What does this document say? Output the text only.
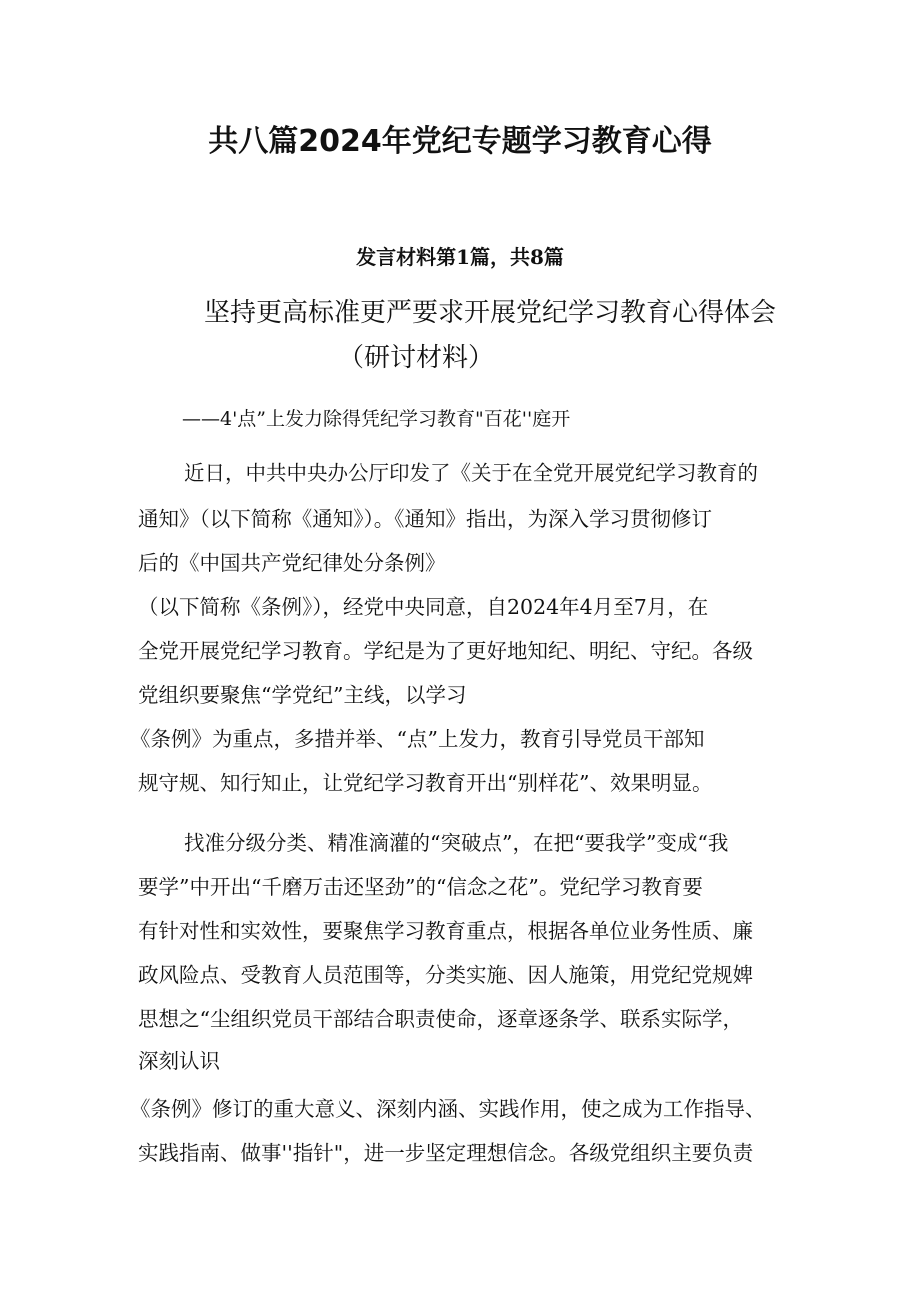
共八篇2024年党纪专题学习教育心得
发言材料第1篇，共8篇
坚持更高标准更严要求开展党纪学习教育心得体会
（研讨材料）
——4'点”上发力除得凭纪学习教育"百花''庭开
近日，中共中央办公厅印发了《关于在全党开展党纪学习教育的
通知》（以下简称《通知》）。《通知》指出，为深入学习贯彻修订
后的《中国共产党纪律处分条例》
（以下简称《条例》），经党中央同意，自2024年4月至7月，在
全党开展党纪学习教育。学纪是为了更好地知纪、明纪、守纪。各级
党组织要聚焦“学党纪”主线，以学习
《条例》为重点，多措并举、“点”上发力，教育引导党员干部知
规守规、知行知止，让党纪学习教育开出“别样花”、效果明显。
找准分级分类、精准滴灌的“突破点”，在把“要我学”变成“我
要学”中开出“千磨万击还坚劲”的“信念之花”。党纪学习教育要
有针对性和实效性，要聚焦学习教育重点，根据各单位业务性质、廉
政风险点、受教育人员范围等，分类实施、因人施策，用党纪党规婢
思想之“尘组织党员干部结合职责使命，逐章逐条学、联系实际学，
深刻认识
《条例》修订的重大意义、深刻内涵、实践作用，使之成为工作指导、
实践指南、做事''指针"，进一步坚定理想信念。各级党组织主要负责
